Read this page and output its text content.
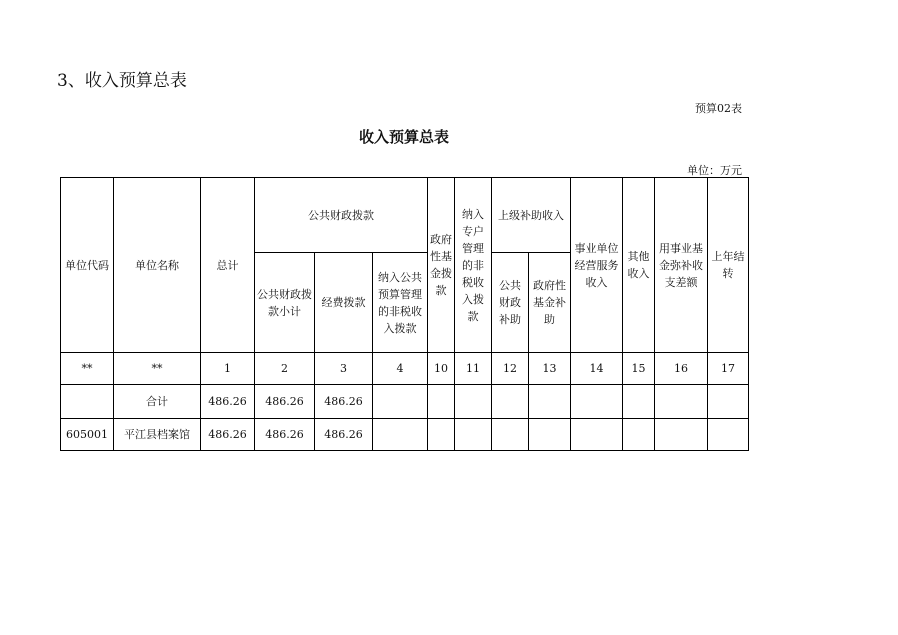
3、收入预算总表
预算02表
收入预算总表
单位：万元
单位代码	单位名称	总计	公共财政拨款			政府性基金拨款	纳入专户管理的非税收入拨款	上级补助收入		事业单位经营服务收入	其他收入	用事业基金弥补收支差额	上年结转
			公共财政拨款小计	经费拨款	纳入公共预算管理的非税收入拨款			公共财政补助	政府性基金补助				
**	**	1	2	3	4	10	11	12	13	14	15	16	17
	合计	486.26	486.26	486.26									
605001	平江县档案馆	486.26	486.26	486.26									
